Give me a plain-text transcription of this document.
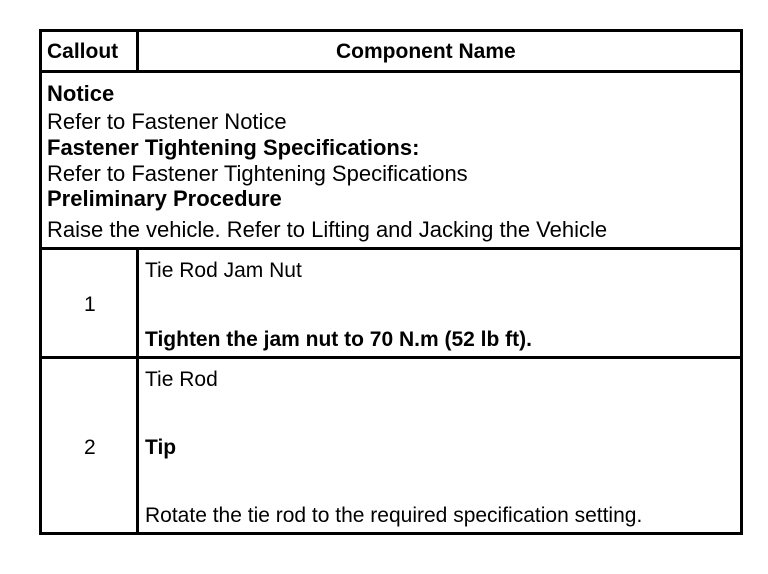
Callout	Component Name
Notice
Refer to Fastener Notice
Fastener Tightening Specifications:
Refer to Fastener Tightening Specifications
Preliminary Procedure
Raise the vehicle. Refer to Lifting and Jacking the Vehicle
1
Tie Rod Jam Nut
Tighten the jam nut to 70 N.m (52 lb ft).
2
Tie Rod
Tip
Rotate the tie rod to the required specification setting.
